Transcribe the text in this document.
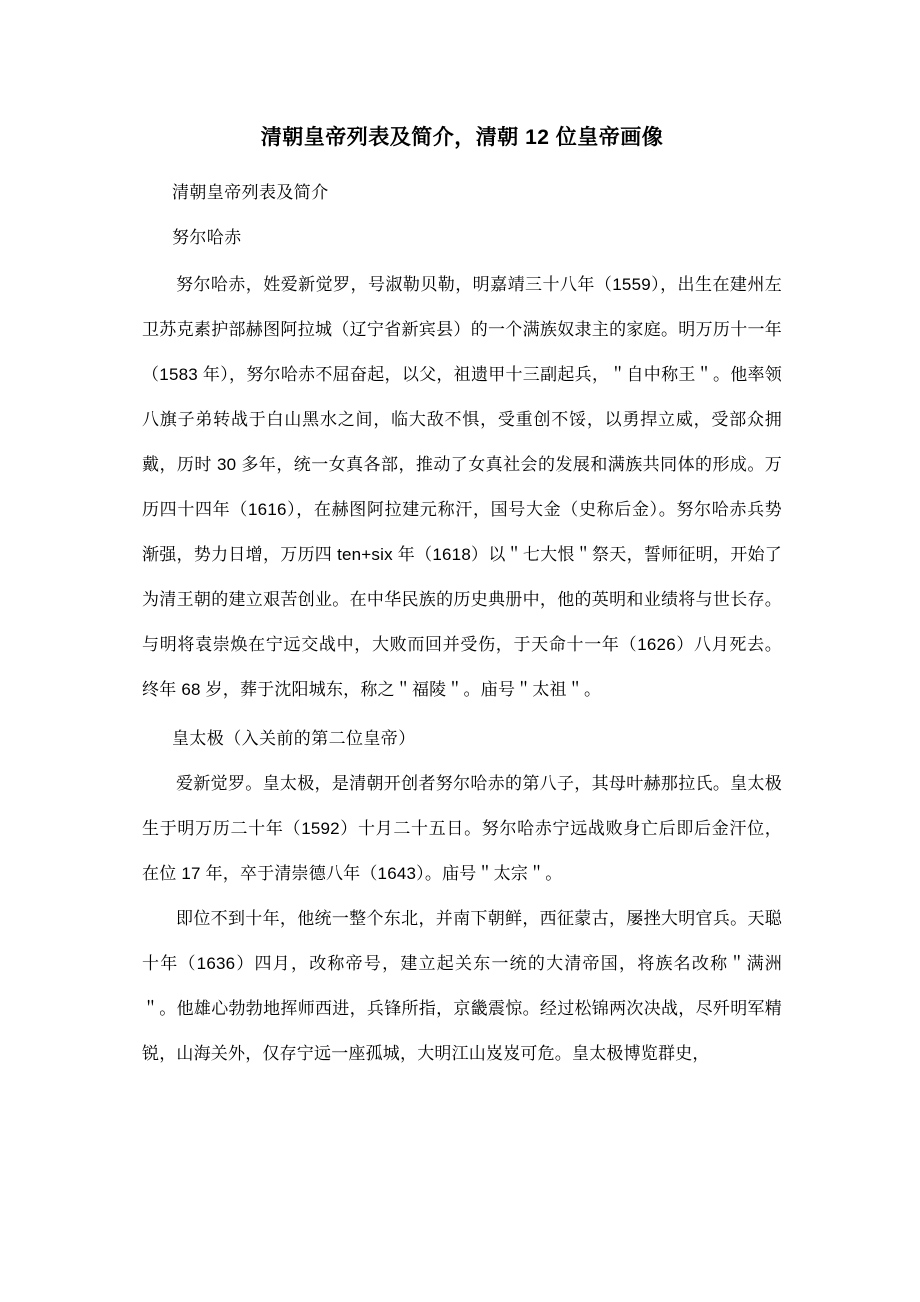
清朝皇帝列表及简介，清朝 12 位皇帝画像
清朝皇帝列表及简介
努尔哈赤

努尔哈赤，姓爱新觉罗，号淑勒贝勒，明嘉靖三十八年（1559），出生在建州左卫苏克素护部赫图阿拉城（辽宁省新宾县）的一个满族奴隶主的家庭。明万历十一年（1583 年），努尔哈赤不屈奋起，以父，祖遗甲十三副起兵，＂自中称王＂。他率领八旗子弟转战于白山黑水之间，临大敌不惧，受重创不馁，以勇捍立威，受部众拥戴，历时 30 多年，统一女真各部，推动了女真社会的发展和满族共同体的形成。万历四十四年（1616），在赫图阿拉建元称汗，国号大金（史称后金）。努尔哈赤兵势渐强，势力日增，万历四 ten+six 年（1618）以＂七大恨＂祭天，誓师征明，开始了为清王朝的建立艰苦创业。在中华民族的历史典册中，他的英明和业绩将与世长存。与明将袁崇焕在宁远交战中，大败而回并受伤，于天命十一年（1626）八月死去。终年 68 岁，葬于沈阳城东，称之＂福陵＂。庙号＂太祖＂。

皇太极（入关前的第二位皇帝）

爱新觉罗。皇太极，是清朝开创者努尔哈赤的第八子，其母叶赫那拉氏。皇太极生于明万历二十年（1592）十月二十五日。努尔哈赤宁远战败身亡后即后金汗位，在位 17 年，卒于清崇德八年（1643）。庙号＂太宗＂。

即位不到十年，他统一整个东北，并南下朝鲜，西征蒙古，屡挫大明官兵。天聪十年（1636）四月，改称帝号，建立起关东一统的大清帝国，将族名改称＂满洲＂。他雄心勃勃地挥师西进，兵锋所指，京畿震惊。经过松锦两次决战，尽歼明军精锐，山海关外，仅存宁远一座孤城，大明江山岌岌可危。皇太极博览群史，
